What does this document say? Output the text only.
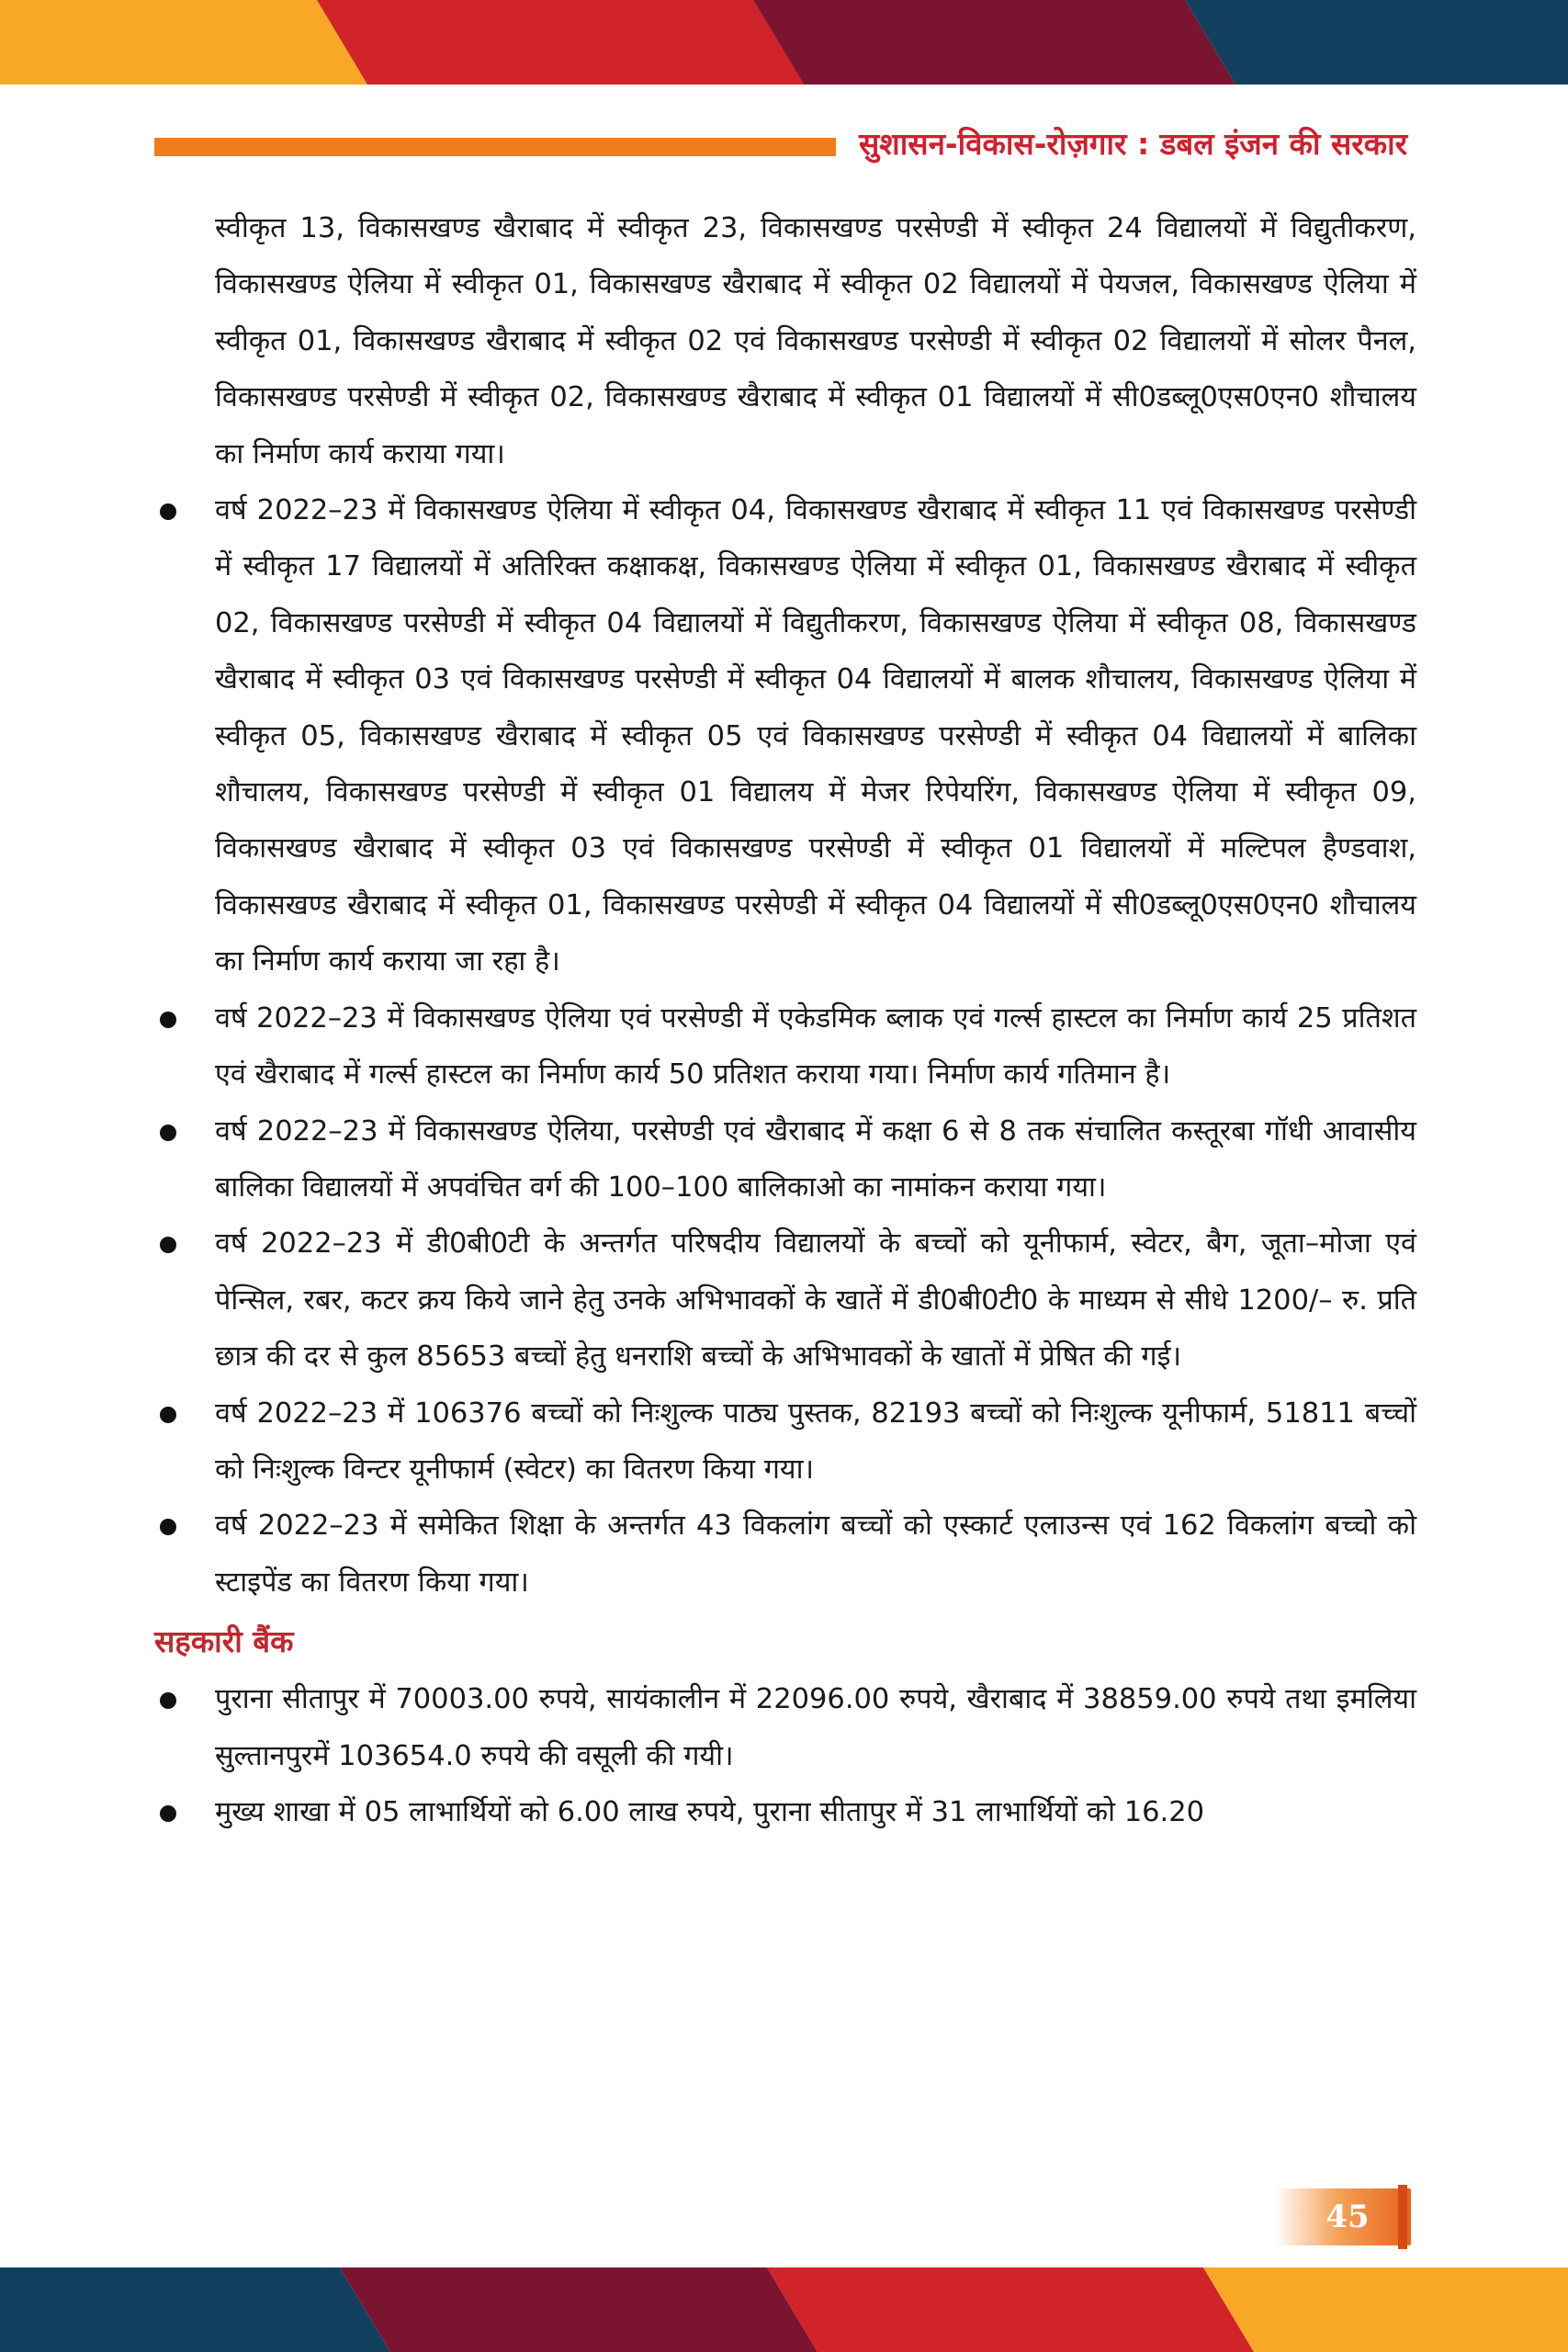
सुशासन-विकास-रोज़गार : डबल इंजन की सरकार
स्वीकृत 13, विकासखण्ड खैराबाद में स्वीकृत 23, विकासखण्ड परसेण्डी में स्वीकृत 24 विद्यालयों में विद्युतीकरण, विकासखण्ड ऐलिया में स्वीकृत 01, विकासखण्ड खैराबाद में स्वीकृत 02 विद्यालयों में पेयजल, विकासखण्ड ऐलिया में स्वीकृत 01, विकासखण्ड खैराबाद में स्वीकृत 02 एवं विकासखण्ड परसेण्डी में स्वीकृत 02 विद्यालयों में सोलर पैनल, विकासखण्ड परसेण्डी में स्वीकृत 02, विकासखण्ड खैराबाद में स्वीकृत 01 विद्यालयों में सी0डब्लू0एस0एन0 शौचालय का निर्माण कार्य कराया गया।
वर्ष 2022–23 में विकासखण्ड ऐलिया में स्वीकृत 04, विकासखण्ड खैराबाद में स्वीकृत 11 एवं विकासखण्ड परसेण्डी में स्वीकृत 17 विद्यालयों में अतिरिक्त कक्षाकक्ष, विकासखण्ड ऐलिया में स्वीकृत 01, विकासखण्ड खैराबाद में स्वीकृत 02, विकासखण्ड परसेण्डी में स्वीकृत 04 विद्यालयों में विद्युतीकरण, विकासखण्ड ऐलिया में स्वीकृत 08, विकासखण्ड खैराबाद में स्वीकृत 03 एवं विकासखण्ड परसेण्डी में स्वीकृत 04 विद्यालयों में बालक शौचालय, विकासखण्ड ऐलिया में स्वीकृत 05, विकासखण्ड खैराबाद में स्वीकृत 05 एवं विकासखण्ड परसेण्डी में स्वीकृत 04 विद्यालयों में बालिका शौचालय, विकासखण्ड परसेण्डी में स्वीकृत 01 विद्यालय में मेजर रिपेयरिंग, विकासखण्ड ऐलिया में स्वीकृत 09, विकासखण्ड खैराबाद में स्वीकृत 03 एवं विकासखण्ड परसेण्डी में स्वीकृत 01 विद्यालयों में मल्टिपल हैण्डवाश, विकासखण्ड खैराबाद में स्वीकृत 01, विकासखण्ड परसेण्डी में स्वीकृत 04 विद्यालयों में सी0डब्लू0एस0एन0 शौचालय का निर्माण कार्य कराया जा रहा है।
वर्ष 2022–23 में विकासखण्ड ऐलिया एवं परसेण्डी में एकेडमिक ब्लाक एवं गर्ल्स हास्टल का निर्माण कार्य 25 प्रतिशत एवं खैराबाद में गर्ल्स हास्टल का निर्माण कार्य 50 प्रतिशत कराया गया। निर्माण कार्य गतिमान है।
वर्ष 2022–23 में विकासखण्ड ऐलिया, परसेण्डी एवं खैराबाद में कक्षा 6 से 8 तक संचालित कस्तूरबा गॉधी आवासीय बालिका विद्यालयों में अपवंचित वर्ग की 100–100 बालिकाओ का नामांकन कराया गया।
वर्ष 2022–23 में डी0बी0टी के अन्तर्गत परिषदीय विद्यालयों के बच्चों को यूनीफार्म, स्वेटर, बैग, जूता–मोजा एवं पेन्सिल, रबर, कटर क्रय किये जाने हेतु उनके अभिभावकों के खातें में डी0बी0टी0 के माध्यम से सीधे 1200/– रु. प्रति छात्र की दर से कुल 85653 बच्चों हेतु धनराशि बच्चों के अभिभावकों के खातों में प्रेषित की गई।
वर्ष 2022–23 में 106376 बच्चों को निःशुल्क पाठ्य पुस्तक, 82193 बच्चों को निःशुल्क यूनीफार्म, 51811 बच्चों को निःशुल्क विन्टर यूनीफार्म (स्वेटर) का वितरण किया गया।
वर्ष 2022–23 में समेकित शिक्षा के अन्तर्गत 43 विकलांग बच्चों को एस्कार्ट एलाउन्स एवं 162 विकलांग बच्चो को स्टाइपेंड का वितरण किया गया।
सहकारी बैंक
पुराना सीतापुर में 70003.00 रुपये, सायंकालीन में 22096.00 रुपये, खैराबाद में 38859.00 रुपये तथा इमलिया सुल्तानपुरमें 103654.0 रुपये की वसूली की गयी।
मुख्य शाखा में 05 लाभार्थियों को 6.00 लाख रुपये, पुराना सीतापुर में 31 लाभार्थियों को 16.20
45
